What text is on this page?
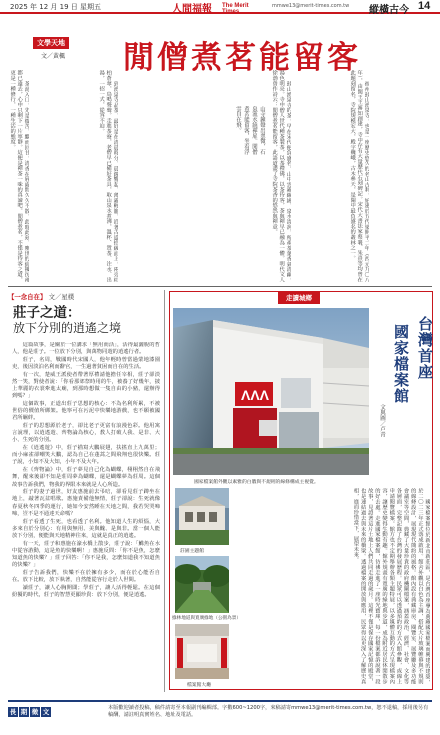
2025 年 12 月 19 日 星期五	人間福報 The Merit Times
mmwe13@merit-times.com.tw 縱橫古今 14
文學天地
文／黃楓 閒僧煮茗能留客
茶湯入口，先是微苦，繼而回甘，清香在唇齒間久久不散。此時此刻，塵世的紛擾彷彿都已遠去，心中只剩下一片寧靜。這便是禪茶一味的真諦吧。閒僧煮茗，不僅是待客之道，更是一種修行，一種生活的態度。	到湧泉寺品茶，最好是在清晨時分。晨鐘響起，薄霧輕籠，沿著古道拾級而上，兩旁松柏蒼翠，鳥鳴聲聲。走進茶寮，老僧早已備好茶具，取山泉水煮沸，溫杯、置茶、注水、出湯，一招一式，從容不迫。	山寺鐘聲出翠微，石泉流水繞禪扉。閒僧煮茗能留客，坐看浮雲自在飛。	鼓山湧泉寺的茶，早在宋代便負盛名。山中雲霧繚繞，泉水清冽，所產茶葉香氣清幽，湯色明亮。寺中僧人世代種茶製茶，以茶禮佛，以茶待客，茶與禪早已融為一體。明代文人徐渤曾作詩云：閒僧煮茗能留客，此語道盡了寺院茶香的悠然與禪意。	福州鼓山湧泉寺，也是一座歷史悠久的名山古剎，始建於五代梁開平二年（西元九〇八年），由閩王王審知創建，寺中存有大量歷代石刻碑記。宋代大書法家蔡襄、朱熹等均曾在此題刻留名，寺院規模宏大，殿宇巍峨，古木參天，是閩中最負盛名的叢林之一。
【一念自在】 文／星樸
莊子之道：
放下分別的逍遙之境

這篇故事，是關於一位講求「無用而活」，活得最灑脫的哲人，他是莊子。一位放下分別，與萬物同遊的逍遙行者。

莊子，名周，戰國時代宋國人，他年輕時曾當過蒙地漆園吏，後因淡泊名利而辭官，一生過著貧困而自在的生活。

有一次，楚威王派使者帶著厚禮請他擔任宰相，莊子卻淡然一笑，對使者說：「你看那郊祭時用的牛，被養了好幾年，披上華麗的衣裳牽進太廟，到那時想做一隻自由的小豬，還辦得到嗎？」

這個故事，正道出莊子思想的核心：不為名利所累，不被世俗的價值所綁架。他寧可在污泥中快樂地游戲，也不願被國君所羈絆。

莊子的思想源於老子，卻比老子更富有浪漫色彩。他用寓言說理，以逍遙遊、齊物論為核心，教人打破人我、是非、大小、生死的分別。

在《逍遙遊》中，莊子描寫大鵬展翅，扶搖直上九萬里；而小麻雀卻嘲笑大鵬，認為自己在蓬蒿之間飛翔也很快樂。莊子說，小知不及大知，小年不及大年。

在《齊物論》中，莊子夢見自己化為蝴蝶，栩栩然自在飛舞，醒來後卻不知是莊周夢為蝴蝶，還是蝴蝶夢為莊周。這個故事告訴我們，物我的界限本來就是人心所造。

莊子的妻子過世，好友惠施前去弔唁，卻看見莊子蹲坐在地上，敲著瓦盆唱歌。惠施責備他無情，莊子卻說：生死就像春夏秋冬四季的運行，她如今安然睡在天地之間，我若哭哭啼啼，豈不是不通達天命嗎？

莊子看透了生死，也看透了名利。他知道人生的煩惱，大多來自於分別心：有用與無用、美與醜、是與非。當一個人能放下分別，便能與天地精神往來，這就是真正的逍遙。

有一天，莊子和惠施在濠水橋上散步，莊子說：「鰷魚在水中從容游動，這是魚的快樂啊！」惠施反問：「你不是魚，怎麼知道魚的快樂？」莊子回答：「你不是我，怎麼知道我不知道魚的快樂？」

莊子告訴我們，快樂不在於擁有多少，而在於心能否自在。放下比較，放下執著，自然能從容行走於人世間。

讀莊子，讓人心胸開闊；學莊子，讓人活得輕鬆。在這個紛擾的時代，莊子的智慧更顯珍貴：放下分別，便是逍遙。

走讀城鄉
ΛΛΛ
國家檔案館外觀以素雅的白牆與不規則的線條構成主視覺。
台灣首座
國家檔案館
文與圖／卢青
莊園主題館
綠林地道與寬廣綠地（公園為景）
檔案館大廳
國家檔案館位於新北市新莊區，是台灣首座專為典藏國家檔案而興建的建築，於二〇二三年正式落成啟用。館舍外觀以白色為主調，搭配大片玻璃帷幕與不規則的線條設計，展現現代簡約的風格。館內設有典藏庫房、閱覽室、展覽廳及多功能會議室等空間，典藏了大量珍貴的政府機關檔案，涵蓋政治、經濟、社會、文化等各層面，完整記錄了台灣的發展歷程。民眾可以透過預約的方式入館參觀，或線上申請閱覽檔案。館方也不定期舉辦各類主題特展，以多媒體互動的方式呈現檔案內容，讓歷史變得生動有趣。館外規畫有寬廣的綠地與步道，成為附近居民休閒散步的好去處。走進國家檔案館，彷彿走進了一座時光寶庫，每一份檔案都訴說著一段故事，見證著這片土地上人們共同走過的歲月。這裡不僅是保存國家記憶的殿堂，也是連結過去與未來的橋梁。透過檔案的開放與應用，民眾得以更深入了解歷史真相，進而珍惜當下，展望未來。
長 期 徵 文	本版歡迎讀者投稿，稿件請寄至本報副刊編輯部。字數600~1200字，來稿請寄mmwe13@merit-times.com.tw，恕不退稿，採用後另有稿酬，請註明真實姓名、地址及電話。
